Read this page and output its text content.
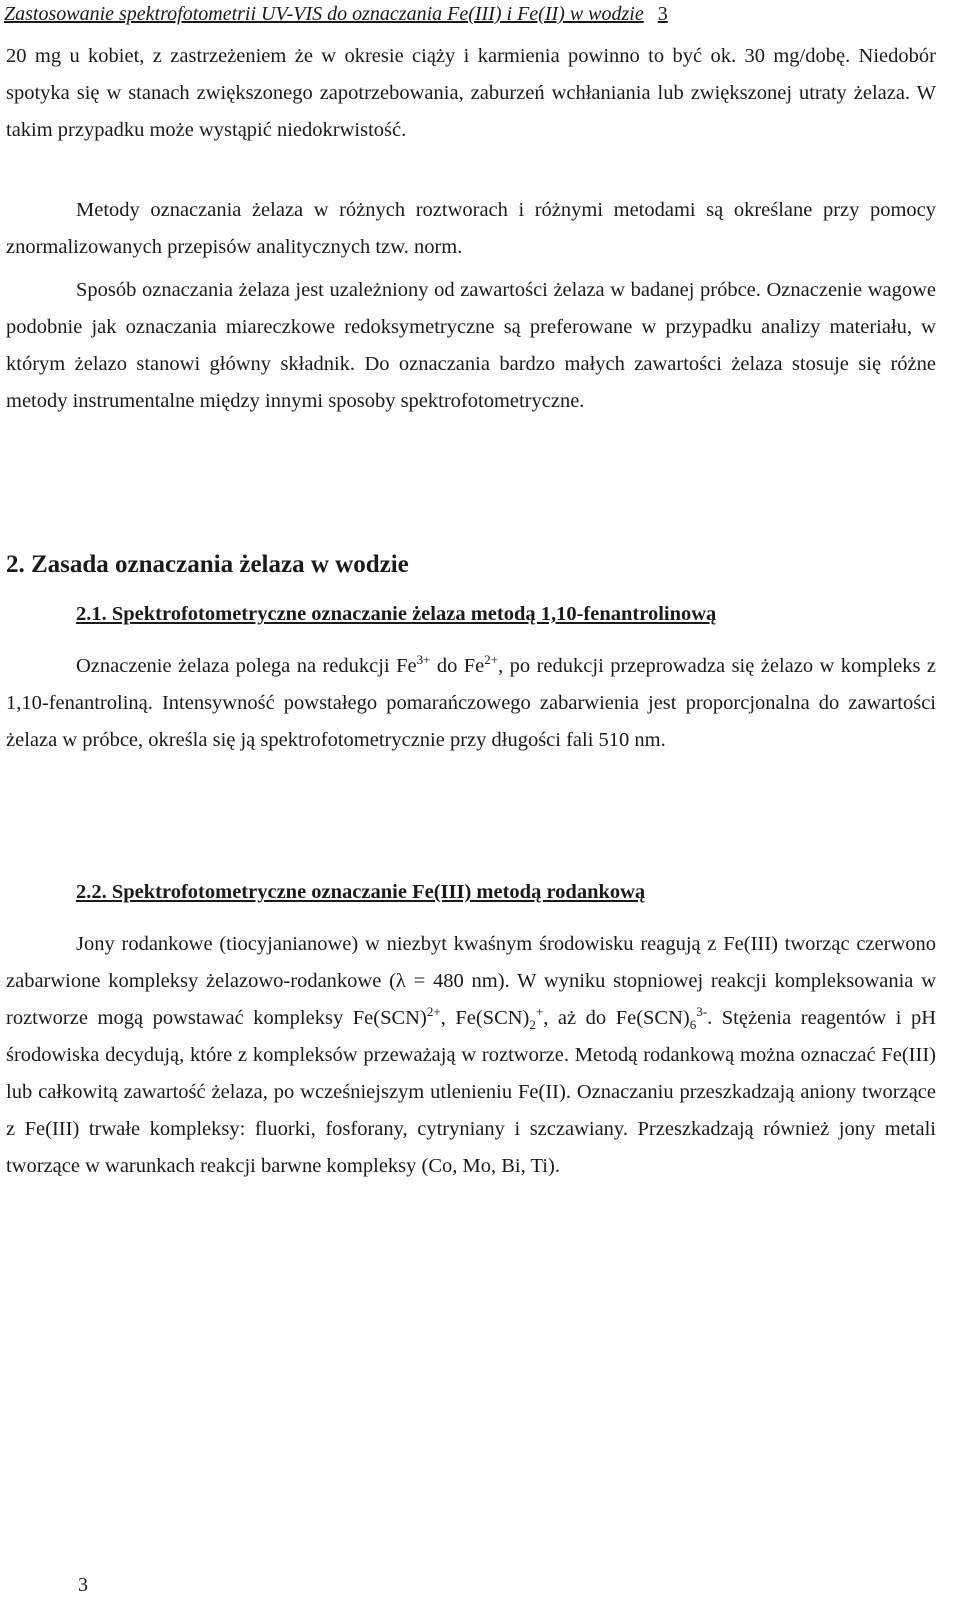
Zastosowanie spektrofotometrii UV-VIS do oznaczania Fe(III) i Fe(II) w wodzie 3
20 mg u kobiet, z zastrzeżeniem że w okresie ciąży i karmienia powinno to być ok. 30 mg/dobę. Niedobór spotyka się w stanach zwiększonego zapotrzebowania, zaburzeń wchłaniania lub zwiększonej utraty żelaza. W takim przypadku może wystąpić niedokrwistość.
Metody oznaczania żelaza w różnych roztworach i różnymi metodami są określane przy pomocy znormalizowanych przepisów analitycznych tzw. norm.
Sposób oznaczania żelaza jest uzależniony od zawartości żelaza w badanej próbce. Oznaczenie wagowe podobnie jak oznaczania miareczkowe redoksymetryczne są preferowane w przypadku analizy materiału, w którym żelazo stanowi główny składnik. Do oznaczania bardzo małych zawartości żelaza stosuje się różne metody instrumentalne między innymi sposoby spektrofotometryczne.
2. Zasada oznaczania żelaza w wodzie
2.1. Spektrofotometryczne oznaczanie żelaza metodą 1,10-fenantrolinową
Oznaczenie żelaza polega na redukcji $Fe^{3+}$ do $Fe^{2+}$, po redukcji przeprowadza się żelazo w kompleks z 1,10-fenantroliną. Intensywność powstałego pomarańczowego zabarwienia jest proporcjonalna do zawartości żelaza w próbce, określa się ją spektrofotometrycznie przy długości fali 510 nm.
2.2. Spektrofotometryczne oznaczanie Fe(III) metodą rodankową
Jony rodankowe (tiocyjanianowe) w niezbyt kwaśnym środowisku reagują z Fe(III) tworząc czerwono zabarwione kompleksy żelazowo-rodankowe (λ = 480 nm). W wyniku stopniowej reakcji kompleksowania w roztworze mogą powstawać kompleksy Fe(SCN)$^{2+}$, $Fe(SCN)_2^+$, aż do $Fe(SCN)_6^{3-}$. Stężenia reagentów i pH środowiska decydują, które z kompleksów przeważają w roztworze. Metodą rodankową można oznaczać Fe(III) lub całkowitą zawartość żelaza, po wcześniejszym utlenieniu Fe(II). Oznaczaniu przeszkadzają aniony tworzące z Fe(III) trwałe kompleksy: fluorki, fosforany, cytryniany i szczawiany. Przeszkadzają również jony metali tworzące w warunkach reakcji barwne kompleksy (Co, Mo, Bi, Ti).
3
